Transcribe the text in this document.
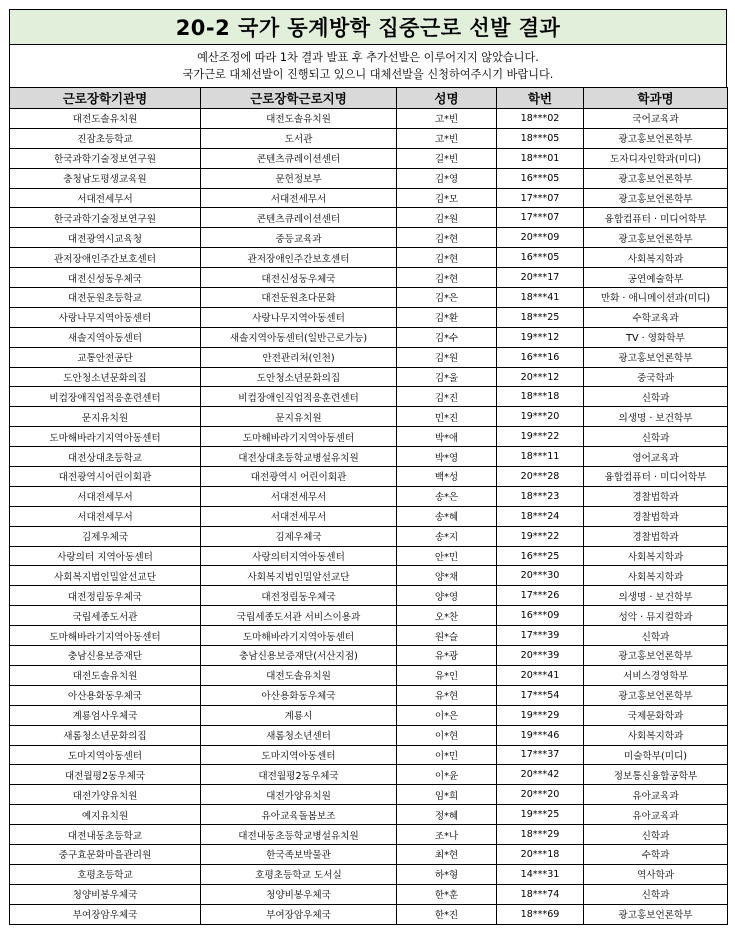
20-2 국가 동계방학 집중근로 선발 결과
예산조정에 따라 1차 결과 발표 후 추가선발은 이루어지지 않았습니다.
국가근로 대체선발이 진행되고 있으니 대체선발을 신청하여주시기 바랍니다.
근로장학기관명	근로장학근로지명	성명	학번	학과명
대전도솔유치원	대전도솔유치원	고*빈	18***02	국어교육과
진잠초등학교	도서관	고*빈	18***05	광고홍보언론학부
한국과학기술정보연구원	콘텐츠큐레이션센터	길*빈	18***01	도자디자인학과(미디)
충청남도평생교육원	문헌정보부	김*영	16***05	광고홍보언론학부
서대전세무서	서대전세무서	김*모	17***07	광고홍보언론학부
한국과학기술정보연구원	콘텐츠큐레이션센터	김*원	17***07	융합컴퓨터 · 미디어학부
대전광역시교육청	중등교육과	김*현	20***09	광고홍보언론학부
관저장애인주간보호센터	관저장애인주간보호센터	김*현	16***05	사회복지학과
대전신성동우체국	대전신성동우체국	김*현	20***17	공연예술학부
대전둔원초등학교	대전둔원초다문화	김*은	18***41	만화 · 애니메이션과(미디)
사랑나무지역아동센터	사랑나무지역아동센터	김*환	18***25	수학교육과
새솔지역아동센터	새솔지역아동센터(일반근로가능)	김*수	19***12	TV · 영화학부
교통안전공단	안전관리처(인천)	김*원	16***16	광고홍보언론학부
도안청소년문화의집	도안청소년문화의집	김*울	20***12	중국학과
비컴장애직업적응훈련센터	비컴장애인직업적응훈련센터	김*진	18***18	신학과
문지유치원	문지유치원	민*진	19***20	의생명 · 보건학부
도마해바라기지역아동센터	도마해바라기지역아동센터	박*애	19***22	신학과
대전상대초등학교	대전상대초등학교병설유치원	박*영	18***11	영어교육과
대전광역시어린이회관	대전광역시 어린이회관	백*성	20***28	융합컴퓨터 · 미디어학부
서대전세무서	서대전세무서	송*은	18***23	경찰법학과
서대전세무서	서대전세무서	송*혜	18***24	경찰법학과
김제우체국	김제우체국	송*지	19***22	경찰법학과
사랑의터 지역아동센터	사랑의터지역아동센터	안*민	16***25	사회복지학과
사회복지법인밀알선교단	사회복지법인밀알선교단	양*채	20***30	사회복지학과
대전정림동우체국	대전정림동우체국	양*영	17***26	의생명 · 보건학부
국립세종도서관	국립세종도서관 서비스이용과	오*찬	16***09	성악 · 뮤지컬학과
도마해바라기지역아동센터	도마해바라기지역아동센터	원*슬	17***39	신학과
충남신용보증재단	충남신용보증재단(서산지점)	유*광	20***39	광고홍보언론학부
대전도솔유치원	대전도솔유치원	유*인	20***41	서비스경영학부
아산용화동우체국	아산용화동우체국	유*현	17***54	광고홍보언론학부
계룡엄사우체국	계룡시	이*은	19***29	국제문화학과
새롬청소년문화의집	새롬청소년센터	이*현	19***46	사회복지학과
도마지역아동센터	도마지역아동센터	이*민	17***37	미술학부(미디)
대전월평2동우체국	대전월평2동우체국	이*윤	20***42	정보통신융합공학부
대전가양유치원	대전가양유치원	임*희	20***20	유아교육과
예지유치원	유아교육돌봄보조	정*혜	19***25	유아교육과
대전내동초등학교	대전내동초등학교병설유치원	조*나	18***29	신학과
중구효문화마을관리원	한국족보박물관	최*현	20***18	수학과
호평초등학교	호평초등학교 도서실	하*형	14***31	역사학과
청양비봉우체국	청양비봉우체국	한*훈	18***74	신학과
부여장암우체국	부여장암우체국	한*진	18***69	광고홍보언론학부
